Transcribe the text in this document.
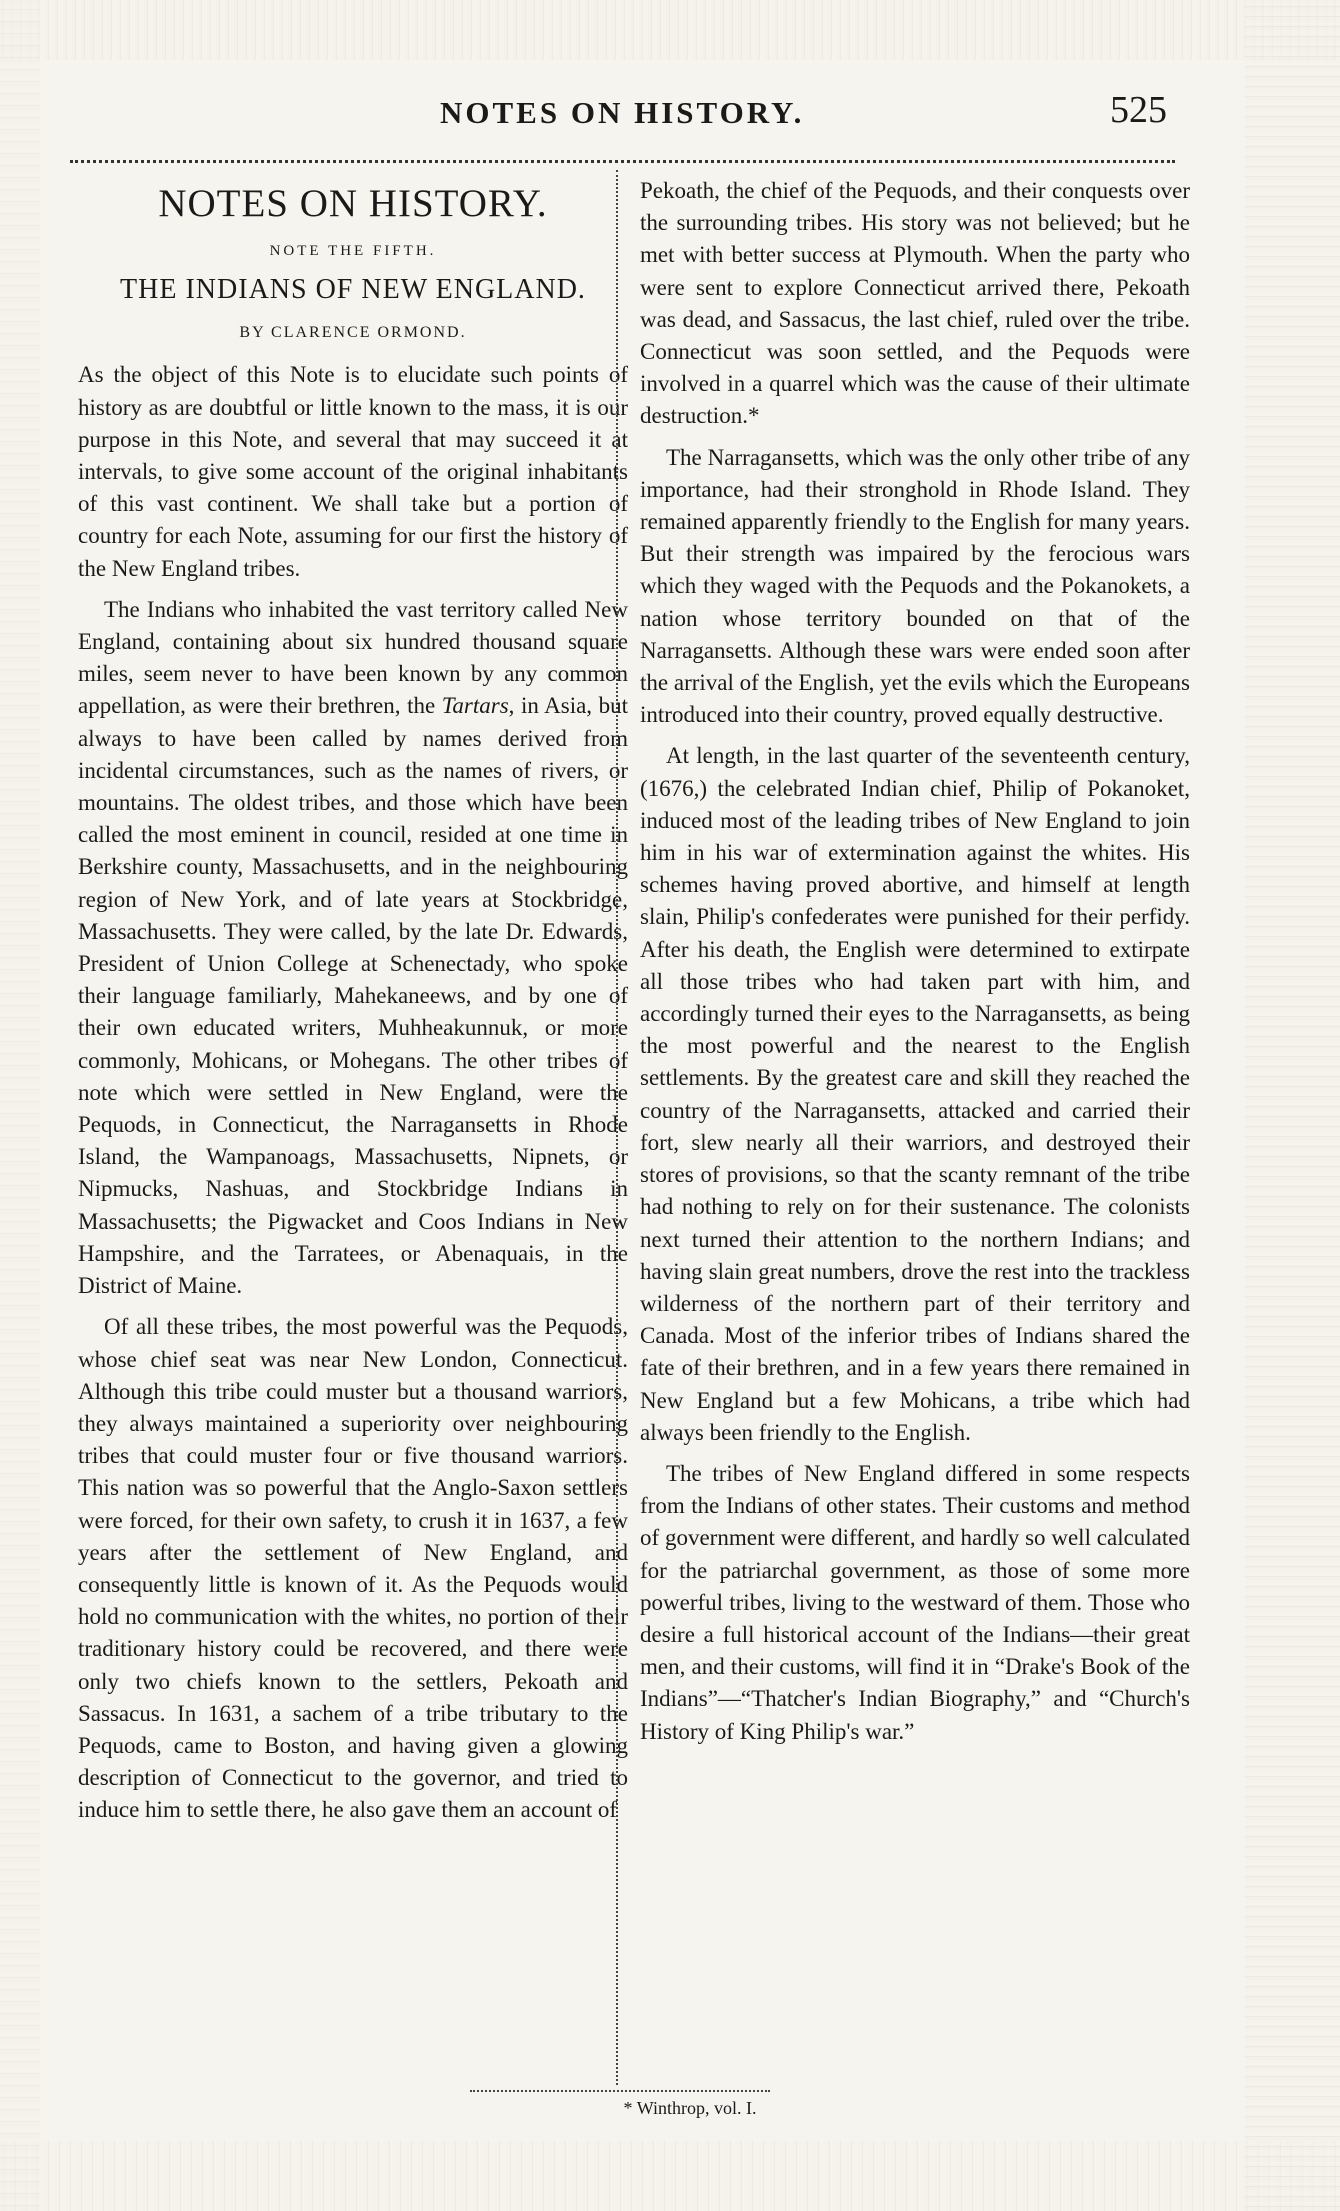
NOTES ON HISTORY.	525
NOTES ON HISTORY.
NOTE THE FIFTH.
THE INDIANS OF NEW ENGLAND.
BY CLARENCE ORMOND.

As the object of this Note is to elucidate such points of history as are doubtful or little known to the mass, it is our purpose in this Note, and several that may succeed it at intervals, to give some account of the original inhabitants of this vast continent. We shall take but a portion of country for each Note, assuming for our first the history of the New England tribes.

The Indians who inhabited the vast territory called New England, containing about six hundred thousand square miles, seem never to have been known by any common appellation, as were their brethren, the Tartars, in Asia, but always to have been called by names derived from incidental circumstances, such as the names of rivers, or mountains. The oldest tribes, and those which have been called the most eminent in council, resided at one time in Berkshire county, Massachusetts, and in the neighbouring region of New York, and of late years at Stockbridge, Massachusetts. They were called, by the late Dr. Edwards, President of Union College at Schenectady, who spoke their language familiarly, Mahekaneews, and by one of their own educated writers, Muhheakunnuk, or more commonly, Mohicans, or Mohegans. The other tribes of note which were settled in New England, were the Pequods, in Connecticut, the Narragansetts in Rhode Island, the Wampanoags, Massachusetts, Nipnets, or Nipmucks, Nashuas, and Stockbridge Indians in Massachusetts; the Pigwacket and Coos Indians in New Hampshire, and the Tarratees, or Abenaquais, in the District of Maine.

Of all these tribes, the most powerful was the Pequods, whose chief seat was near New London, Connecticut. Although this tribe could muster but a thousand warriors, they always maintained a superiority over neighbouring tribes that could muster four or five thousand warriors. This nation was so powerful that the Anglo-Saxon settlers were forced, for their own safety, to crush it in 1637, a few years after the settlement of New England, and consequently little is known of it. As the Pequods would hold no communication with the whites, no portion of their traditionary history could be recovered, and there were only two chiefs known to the settlers, Pekoath and Sassacus. In 1631, a sachem of a tribe tributary to the Pequods, came to Boston, and having given a glowing description of Connecticut to the governor, and tried to induce him to settle there, he also gave them an account of

Pekoath, the chief of the Pequods, and their conquests over the surrounding tribes. His story was not believed; but he met with better success at Plymouth. When the party who were sent to explore Connecticut arrived there, Pekoath was dead, and Sassacus, the last chief, ruled over the tribe. Connecticut was soon settled, and the Pequods were involved in a quarrel which was the cause of their ultimate destruction.*

The Narragansetts, which was the only other tribe of any importance, had their stronghold in Rhode Island. They remained apparently friendly to the English for many years. But their strength was impaired by the ferocious wars which they waged with the Pequods and the Pokanokets, a nation whose territory bounded on that of the Narragansetts. Although these wars were ended soon after the arrival of the English, yet the evils which the Europeans introduced into their country, proved equally destructive.

At length, in the last quarter of the seventeenth century, (1676,) the celebrated Indian chief, Philip of Pokanoket, induced most of the leading tribes of New England to join him in his war of extermination against the whites. His schemes having proved abortive, and himself at length slain, Philip's confederates were punished for their perfidy. After his death, the English were determined to extirpate all those tribes who had taken part with him, and accordingly turned their eyes to the Narragansetts, as being the most powerful and the nearest to the English settlements. By the greatest care and skill they reached the country of the Narragansetts, attacked and carried their fort, slew nearly all their warriors, and destroyed their stores of provisions, so that the scanty remnant of the tribe had nothing to rely on for their sustenance. The colonists next turned their attention to the northern Indians; and having slain great numbers, drove the rest into the trackless wilderness of the northern part of their territory and Canada. Most of the inferior tribes of Indians shared the fate of their brethren, and in a few years there remained in New England but a few Mohicans, a tribe which had always been friendly to the English.

The tribes of New England differed in some respects from the Indians of other states. Their customs and method of government were different, and hardly so well calculated for the patriarchal government, as those of some more powerful tribes, living to the westward of them. Those who desire a full historical account of the Indians—their great men, and their customs, will find it in “Drake's Book of the Indians”—“Thatcher's Indian Biography,” and “Church's History of King Philip's war.”

* Winthrop, vol. I.
